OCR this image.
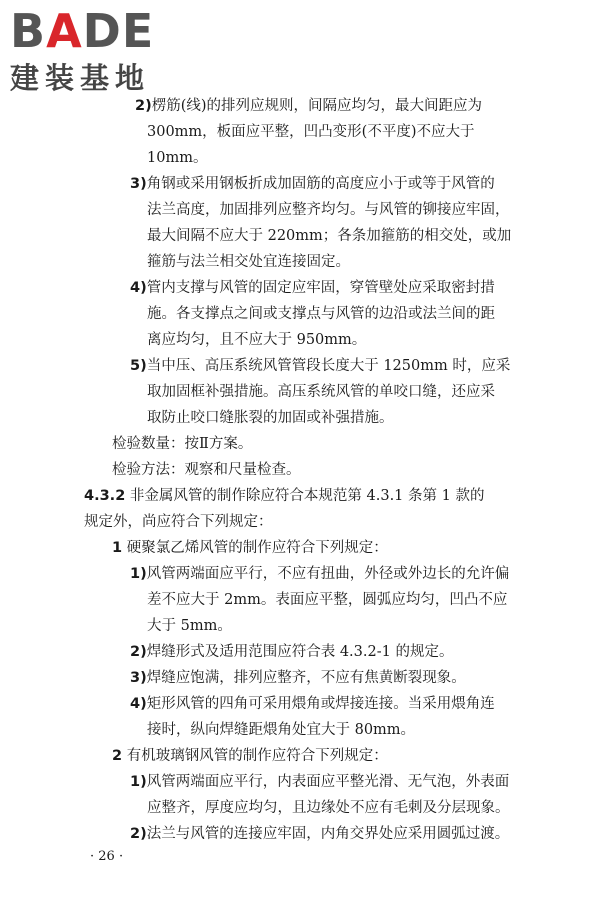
BADE
建装基地
2)楞筋(线)的排列应规则，间隔应均匀，最大间距应为
300mm，板面应平整，凹凸变形(不平度)不应大于
10mm。
3)角钢或采用钢板折成加固筋的高度应小于或等于风管的
法兰高度，加固排列应整齐均匀。与风管的铆接应牢固，
最大间隔不应大于 220mm；各条加箍筋的相交处，或加
箍筋与法兰相交处宜连接固定。
4)管内支撑与风管的固定应牢固，穿管壁处应采取密封措
施。各支撑点之间或支撑点与风管的边沿或法兰间的距
离应均匀，且不应大于 950mm。
5)当中压、高压系统风管管段长度大于 1250mm 时，应采
取加固框补强措施。高压系统风管的单咬口缝，还应采
取防止咬口缝胀裂的加固或补强措施。
检验数量：按Ⅱ方案。
检验方法：观察和尺量检查。
4.3.2 非金属风管的制作除应符合本规范第 4.3.1 条第 1 款的
规定外，尚应符合下列规定：
1 硬聚氯乙烯风管的制作应符合下列规定：
1)风管两端面应平行，不应有扭曲，外径或外边长的允许偏
差不应大于 2mm。表面应平整，圆弧应均匀，凹凸不应
大于 5mm。
2)焊缝形式及适用范围应符合表 4.3.2-1 的规定。
3)焊缝应饱满，排列应整齐，不应有焦黄断裂现象。
4)矩形风管的四角可采用煨角或焊接连接。当采用煨角连
接时，纵向焊缝距煨角处宜大于 80mm。
2 有机玻璃钢风管的制作应符合下列规定：
1)风管两端面应平行，内表面应平整光滑、无气泡，外表面
应整齐，厚度应均匀，且边缘处不应有毛刺及分层现象。
2)法兰与风管的连接应牢固，内角交界处应采用圆弧过渡。
· 26 ·
